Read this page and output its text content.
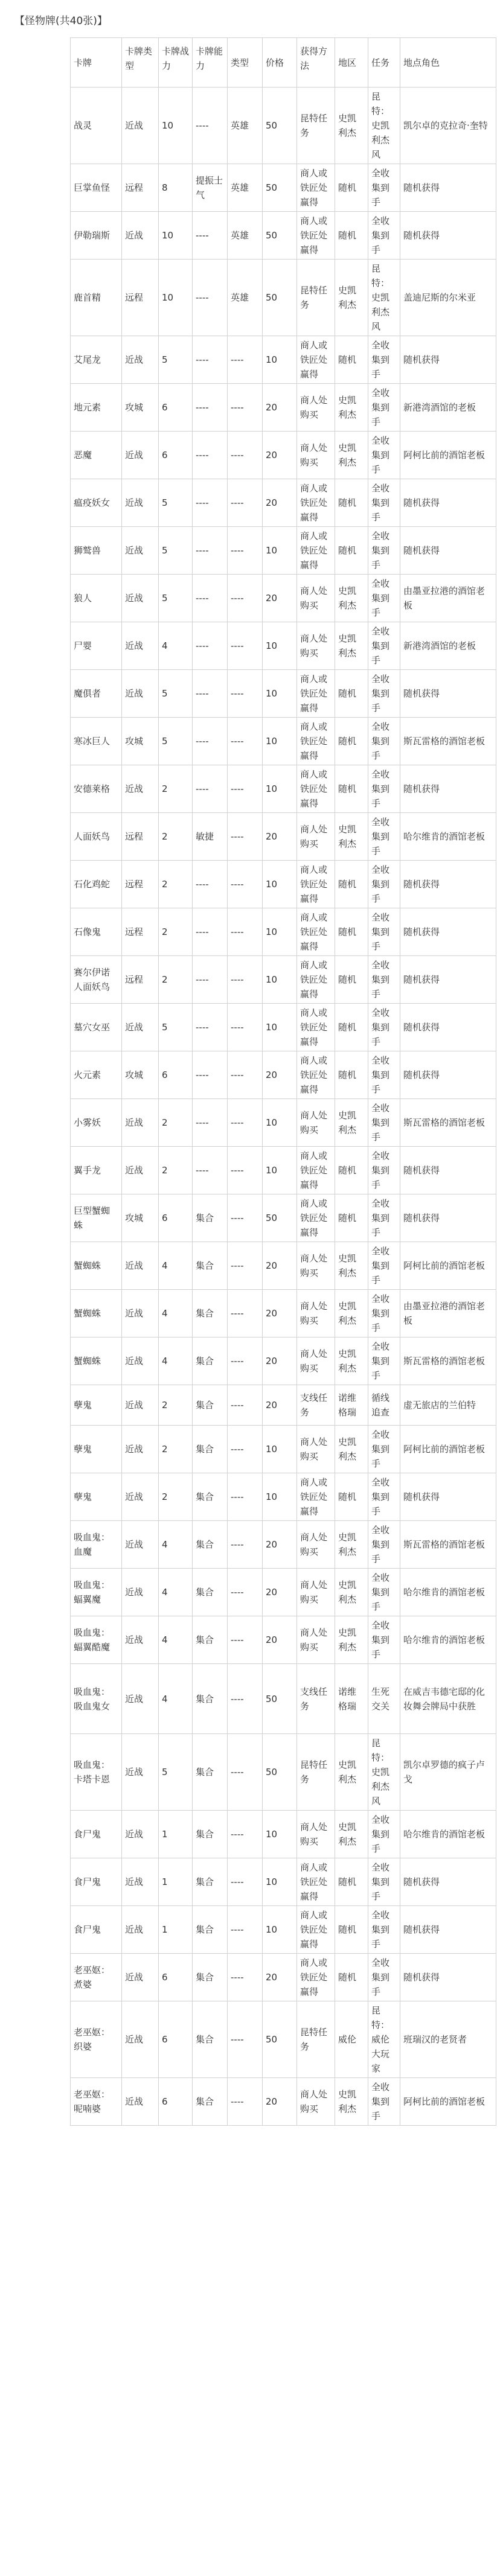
【怪物牌(共40张)】
卡牌	卡牌类型	卡牌战力	卡牌能力	类型	价格	获得方法	地区	任务	地点角色
战灵	近战	10	----	英雄	50	昆特任务	史凯利杰	昆特：史凯利杰风	凯尔卓的克拉奇·奎特
巨掌鱼怪	远程	8	提振士气	英雄	50	商人或铁匠处赢得	随机	全收集到手	随机获得
伊勒瑞斯	近战	10	----	英雄	50	商人或铁匠处赢得	随机	全收集到手	随机获得
鹿首精	远程	10	----	英雄	50	昆特任务	史凯利杰	昆特：史凯利杰风	盖迪尼斯的尔米亚
艾尾龙	近战	5	----	----	10	商人或铁匠处赢得	随机	全收集到手	随机获得
地元素	攻城	6	----	----	20	商人处购买	史凯利杰	全收集到手	新港湾酒馆的老板
恶魔	近战	6	----	----	20	商人处购买	史凯利杰	全收集到手	阿柯比前的酒馆老板
瘟疫妖女	近战	5	----	----	20	商人或铁匠处赢得	随机	全收集到手	随机获得
狮鹫兽	近战	5	----	----	10	商人或铁匠处赢得	随机	全收集到手	随机获得
狼人	近战	5	----	----	20	商人处购买	史凯利杰	全收集到手	由墨亚拉港的酒馆老板
尸婴	近战	4	----	----	10	商人处购买	史凯利杰	全收集到手	新港湾酒馆的老板
魔俱者	近战	5	----	----	10	商人或铁匠处赢得	随机	全收集到手	随机获得
寒冰巨人	攻城	5	----	----	10	商人或铁匠处赢得	随机	全收集到手	斯瓦雷格的酒馆老板
安德莱格	近战	2	----	----	10	商人或铁匠处赢得	随机	全收集到手	随机获得
人面妖鸟	远程	2	敏捷	----	20	商人处购买	史凯利杰	全收集到手	哈尔维肯的酒馆老板
石化鸡蛇	远程	2	----	----	10	商人或铁匠处赢得	随机	全收集到手	随机获得
石像鬼	远程	2	----	----	10	商人或铁匠处赢得	随机	全收集到手	随机获得
赛尔伊诺人面妖鸟	远程	2	----	----	10	商人或铁匠处赢得	随机	全收集到手	随机获得
墓穴女巫	近战	5	----	----	10	商人或铁匠处赢得	随机	全收集到手	随机获得
火元素	攻城	6	----	----	20	商人或铁匠处赢得	随机	全收集到手	随机获得
小雾妖	近战	2	----	----	10	商人处购买	史凯利杰	全收集到手	斯瓦雷格的酒馆老板
翼手龙	近战	2	----	----	10	商人或铁匠处赢得	随机	全收集到手	随机获得
巨型蟹蜘蛛	攻城	6	集合	----	50	商人或铁匠处赢得	随机	全收集到手	随机获得
蟹蜘蛛	近战	4	集合	----	20	商人处购买	史凯利杰	全收集到手	阿柯比前的酒馆老板
蟹蜘蛛	近战	4	集合	----	20	商人处购买	史凯利杰	全收集到手	由墨亚拉港的酒馆老板
蟹蜘蛛	近战	4	集合	----	20	商人处购买	史凯利杰	全收集到手	斯瓦雷格的酒馆老板
孽鬼	近战	2	集合	----	20	支线任务	诺维格瑞	循线追查	虚无旅店的兰伯特
孽鬼	近战	2	集合	----	10	商人处购买	史凯利杰	全收集到手	阿柯比前的酒馆老板
孽鬼	近战	2	集合	----	10	商人或铁匠处赢得	随机	全收集到手	随机获得
吸血鬼：血魔	近战	4	集合	----	20	商人处购买	史凯利杰	全收集到手	斯瓦雷格的酒馆老板
吸血鬼：蝠翼魔	近战	4	集合	----	20	商人处购买	史凯利杰	全收集到手	哈尔维肯的酒馆老板
吸血鬼：蝠翼酷魔	近战	4	集合	----	20	商人处购买	史凯利杰	全收集到手	哈尔维肯的酒馆老板
吸血鬼：吸血鬼女	近战	4	集合	----	50	支线任务	诺维格瑞	生死交关	在威吉韦德宅邸的化妆舞会牌局中获胜
吸血鬼：卡塔卡恩	近战	5	集合	----	50	昆特任务	史凯利杰	昆特：史凯利杰风	凯尔卓罗德的疯子卢戈
食尸鬼	近战	1	集合	----	10	商人处购买	史凯利杰	全收集到手	哈尔维肯的酒馆老板
食尸鬼	近战	1	集合	----	10	商人或铁匠处赢得	随机	全收集到手	随机获得
食尸鬼	近战	1	集合	----	10	商人或铁匠处赢得	随机	全收集到手	随机获得
老巫妪：煮婆	近战	6	集合	----	20	商人或铁匠处赢得	随机	全收集到手	随机获得
老巫妪：织婆	近战	6	集合	----	50	昆特任务	威伦	昆特：威伦大玩家	班瑞汉的老贤者
老巫妪：呢喃婆	近战	6	集合	----	20	商人处购买	史凯利杰	全收集到手	阿柯比前的酒馆老板
